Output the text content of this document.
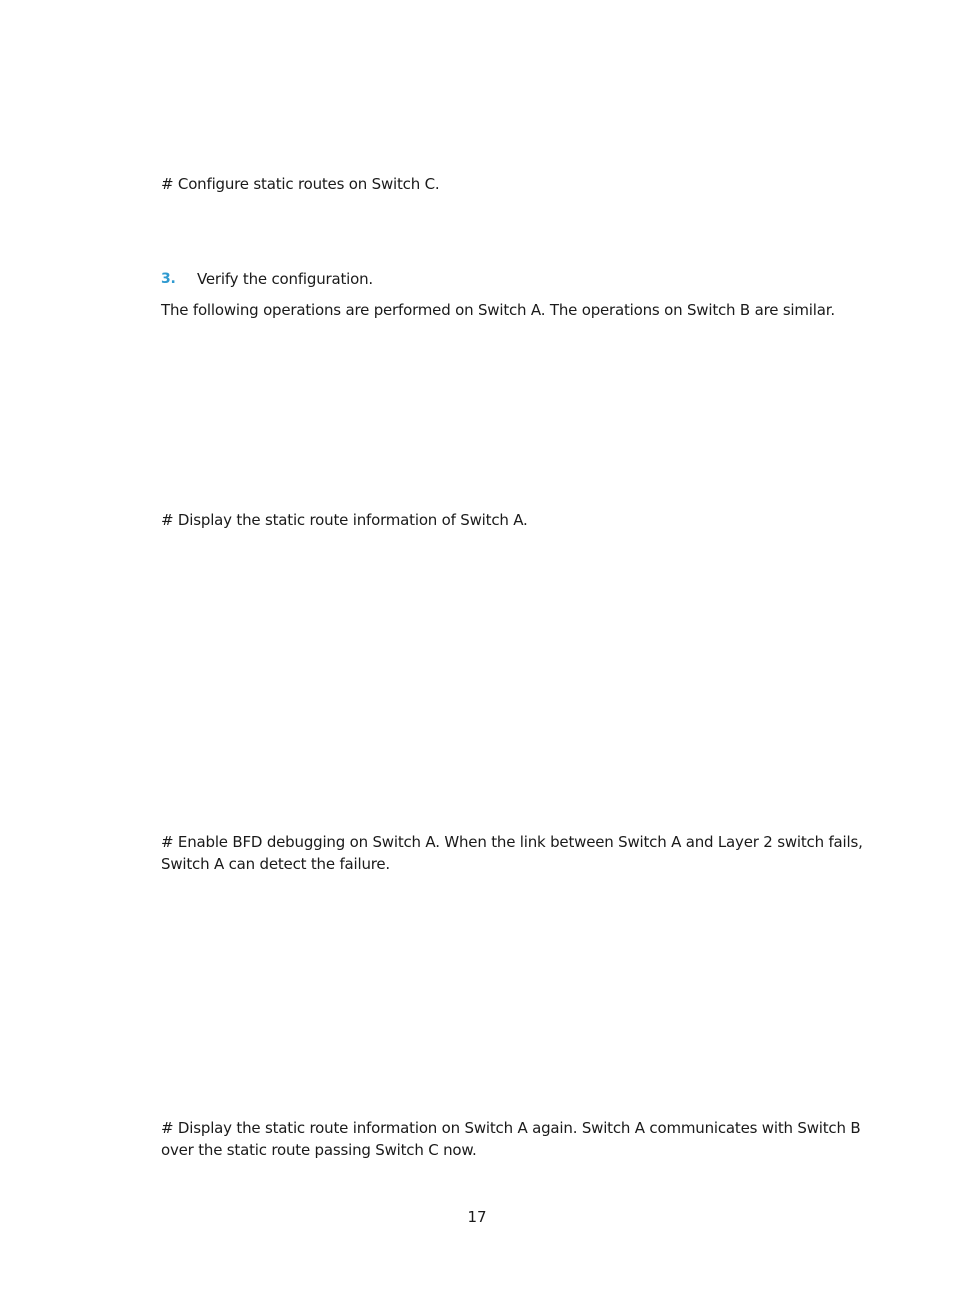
# Configure static routes on Switch C.

3. Verify the configuration.

The following operations are performed on Switch A. The operations on Switch B are similar.

# Display the static route information of Switch A.

# Enable BFD debugging on Switch A. When the link between Switch A and Layer 2 switch fails, Switch A can detect the failure.

# Display the static route information on Switch A again. Switch A communicates with Switch B over the static route passing Switch C now.

17
